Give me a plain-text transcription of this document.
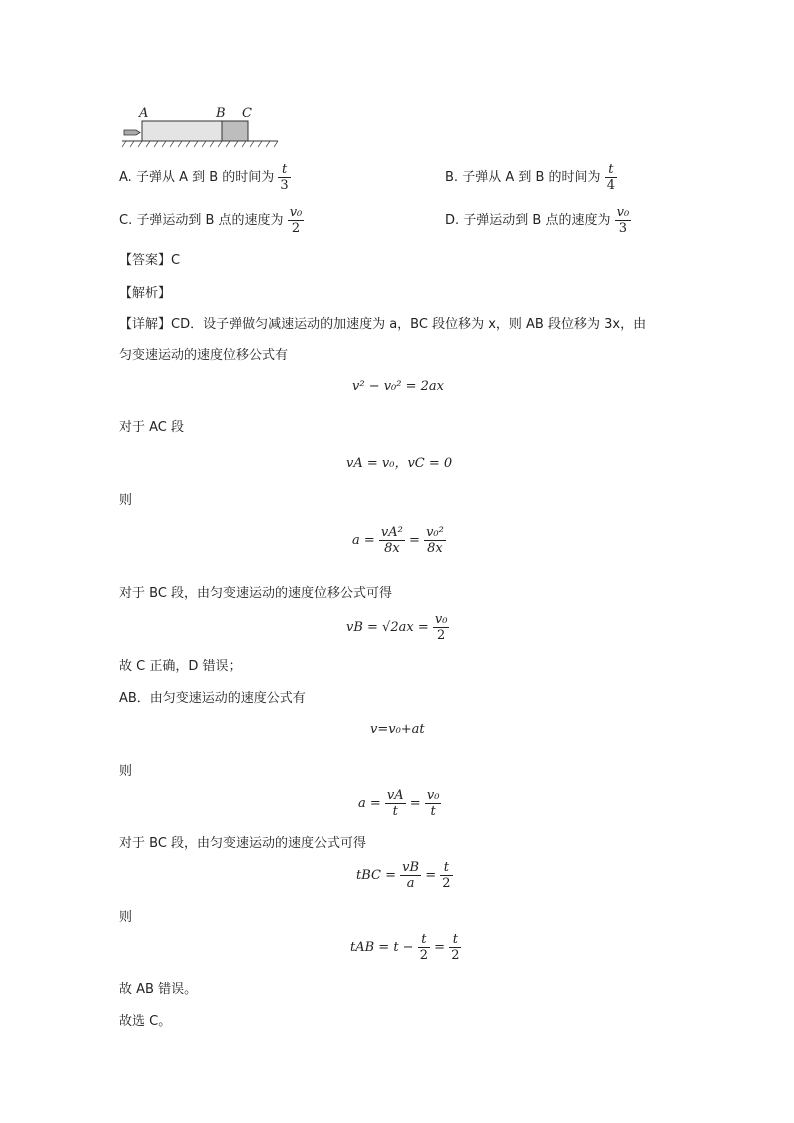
A	B C
A. 子弹从 A 到 B 的时间为 $\frac{t}{3}$	B. 子弹从 A 到 B 的时间为 $\frac{t}{4}$
C. 子弹运动到 B 点的速度为 $\frac{\text{v₀}}{2}$	D. 子弹运动到 B 点的速度为 $\frac{\text{v₀}}{3}$
【答案】C
【解析】
【详解】CD．设子弹做匀减速运动的加速度为 a，BC 段位移为 x，则 AB 段位移为 3x，由
匀变速运动的速度位移公式有
v² − v₀² = 2ax
对于 AC 段
vA = v₀，vC = 0
则
$a = \frac{\text{vA²}}{8x} = \frac{\text{v₀²}}{8x}$
对于 BC 段，由匀变速运动的速度位移公式可得
vB = $√2ax = \frac{\text{v₀}}{2}$
故 C 正确，D 错误；
AB．由匀变速运动的速度公式有
v=v₀+at
则
$a = \frac{vA}{t} = \frac{\text{v₀}}{t}$
对于 BC 段，由匀变速运动的速度公式可得
tBC = $\frac{vB}{a} = \frac{t}{2}$
则
tAB = $t - \frac{t}{2} = \frac{t}{2}$
故 AB 错误。
故选 C。
